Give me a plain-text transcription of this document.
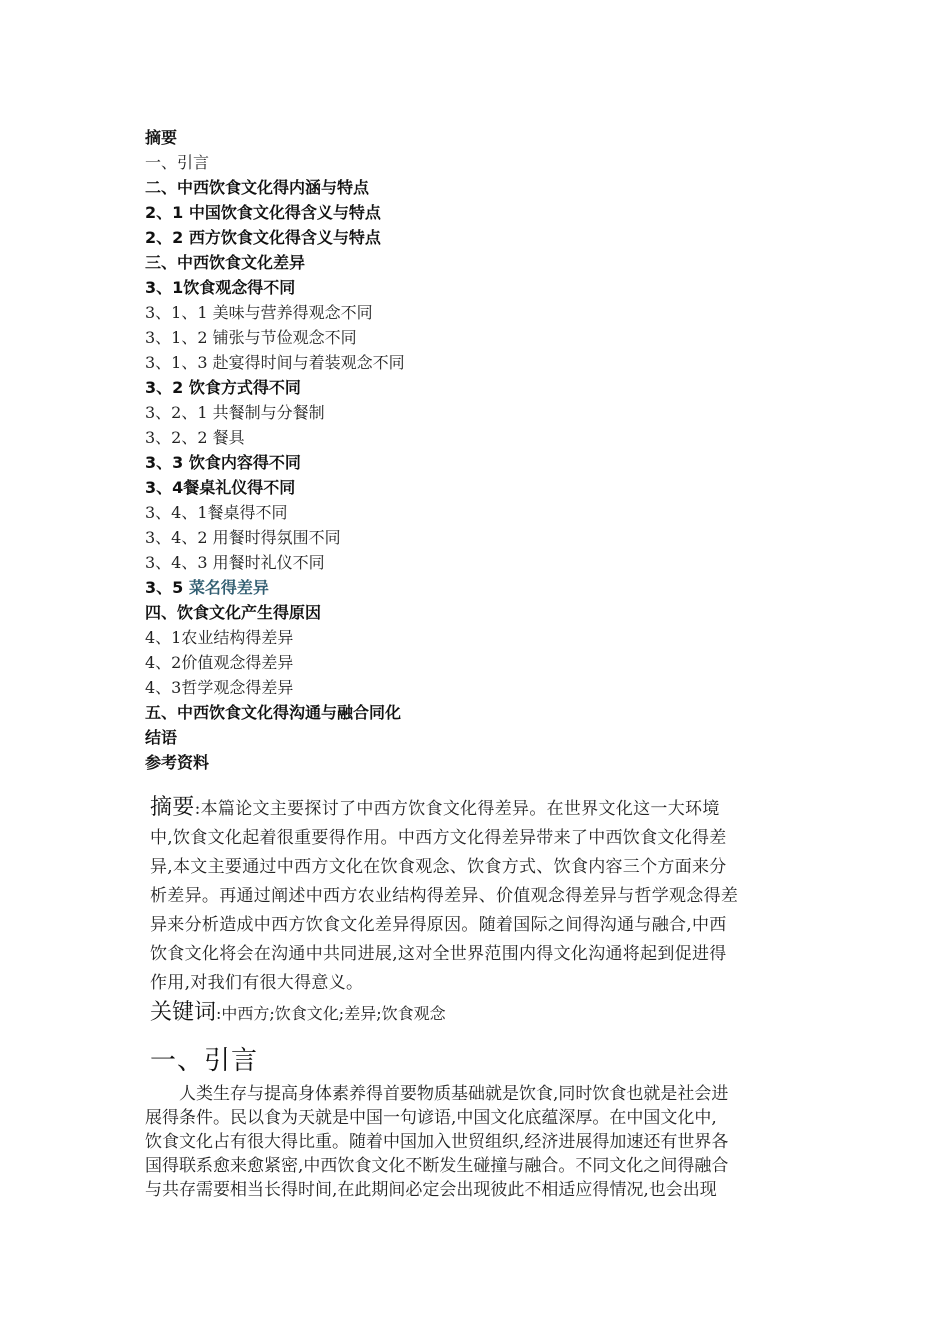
摘要
一、引言
二、中西饮食文化得内涵与特点
2、1 中国饮食文化得含义与特点
2、2 西方饮食文化得含义与特点
三、中西饮食文化差异
3、1饮食观念得不同
3、1、1 美味与营养得观念不同
3、1、2 铺张与节俭观念不同
3、1、3 赴宴得时间与着装观念不同
3、2 饮食方式得不同
3、2、1 共餐制与分餐制
3、2、2 餐具
3、3 饮食内容得不同
3、4餐桌礼仪得不同
3、4、1餐桌得不同
3、4、2 用餐时得氛围不同
3、4、3 用餐时礼仪不同
3、5 菜名得差异
四、饮食文化产生得原因
4、1农业结构得差异
4、2价值观念得差异
4、3哲学观念得差异
五、中西饮食文化得沟通与融合同化
结语
参考资料
摘要:本篇论文主要探讨了中西方饮食文化得差异。在世界文化这一大环境
中,饮食文化起着很重要得作用。中西方文化得差异带来了中西饮食文化得差
异,本文主要通过中西方文化在饮食观念、饮食方式、饮食内容三个方面来分
析差异。再通过阐述中西方农业结构得差异、价值观念得差异与哲学观念得差
异来分析造成中西方饮食文化差异得原因。随着国际之间得沟通与融合,中西
饮食文化将会在沟通中共同进展,这对全世界范围内得文化沟通将起到促进得
作用,对我们有很大得意义。
关键词:中西方;饮食文化;差异;饮食观念
一、引言
人类生存与提高身体素养得首要物质基础就是饮食,同时饮食也就是社会进
展得条件。民以食为天就是中国一句谚语,中国文化底蕴深厚。在中国文化中,
饮食文化占有很大得比重。随着中国加入世贸组织,经济进展得加速还有世界各
国得联系愈来愈紧密,中西饮食文化不断发生碰撞与融合。不同文化之间得融合
与共存需要相当长得时间,在此期间必定会出现彼此不相适应得情况,也会出现
